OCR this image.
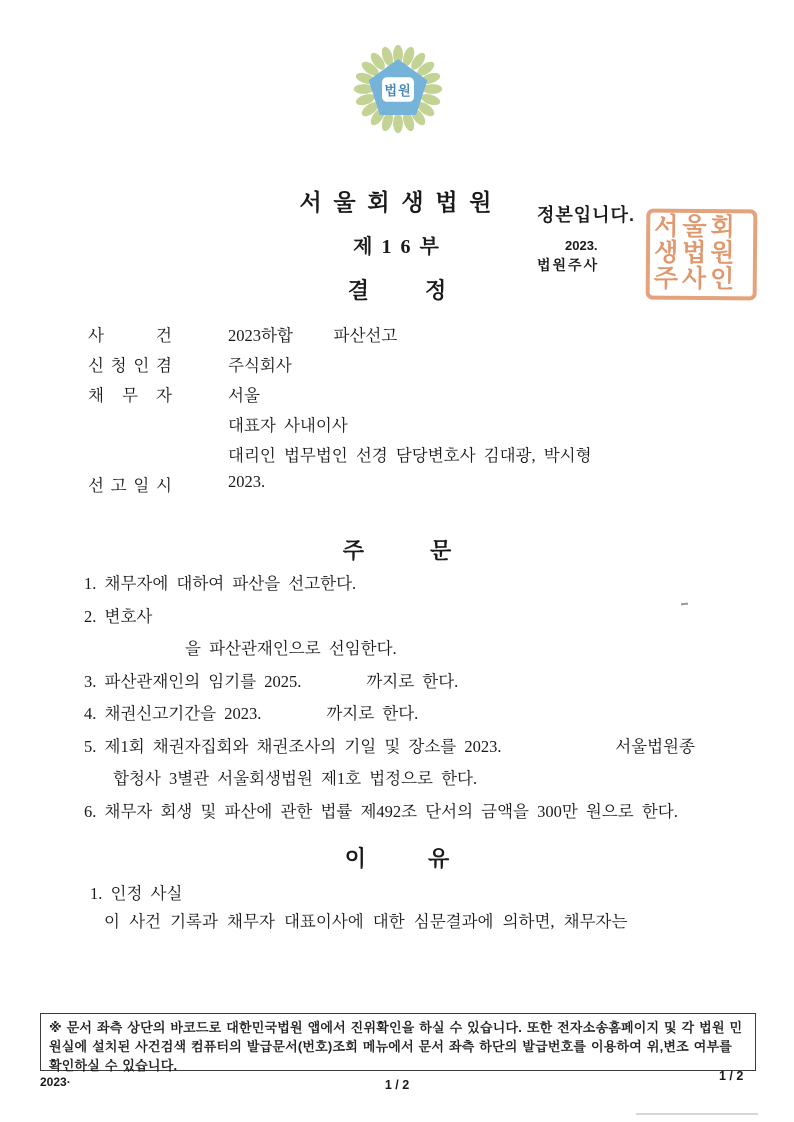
법원
서 울 회 생 법 원
제 1 6 부
결	정
정본입니다.
2023.
법원주사
서울회생법원주사인
사 건	2023하합     파산선고
신 청 인 겸	주식회사
채 무 자	서울
대표자 사내이사
대리인 법무법인 선경 담당변호사 김대광, 박시형
선 고 일 시	2023.
주	문
1. 채무자에 대하여 파산을 선고한다.
2. 변호사
을 파산관재인으로 선임한다.
3. 파산관재인의 임기를 2025.        까지로 한다.
4. 채권신고기간을 2023.        까지로 한다.
5. 제1회 채권자집회와 채권조사의 기일 및 장소를 2023.              서울법원종
합청사 3별관 서울회생법원 제1호 법정으로 한다.
6. 채무자 회생 및 파산에 관한 법률 제492조 단서의 금액을 300만 원으로 한다.
이	유
1. 인정 사실
이 사건 기록과 채무자 대표이사에 대한 심문결과에 의하면, 채무자는
※ 문서 좌측 상단의 바코드로 대한민국법원 앱에서 진위확인을 하실 수 있습니다. 또한 전자소송홈페이지 및 각 법원 민원실에 설치된 사건검색 컴퓨터의 발급문서(번호)조회 메뉴에서 문서 좌측 하단의 발급번호를 이용하여 위,변조 여부를 확인하실 수 있습니다.
2023·	1 / 2
1 / 2
